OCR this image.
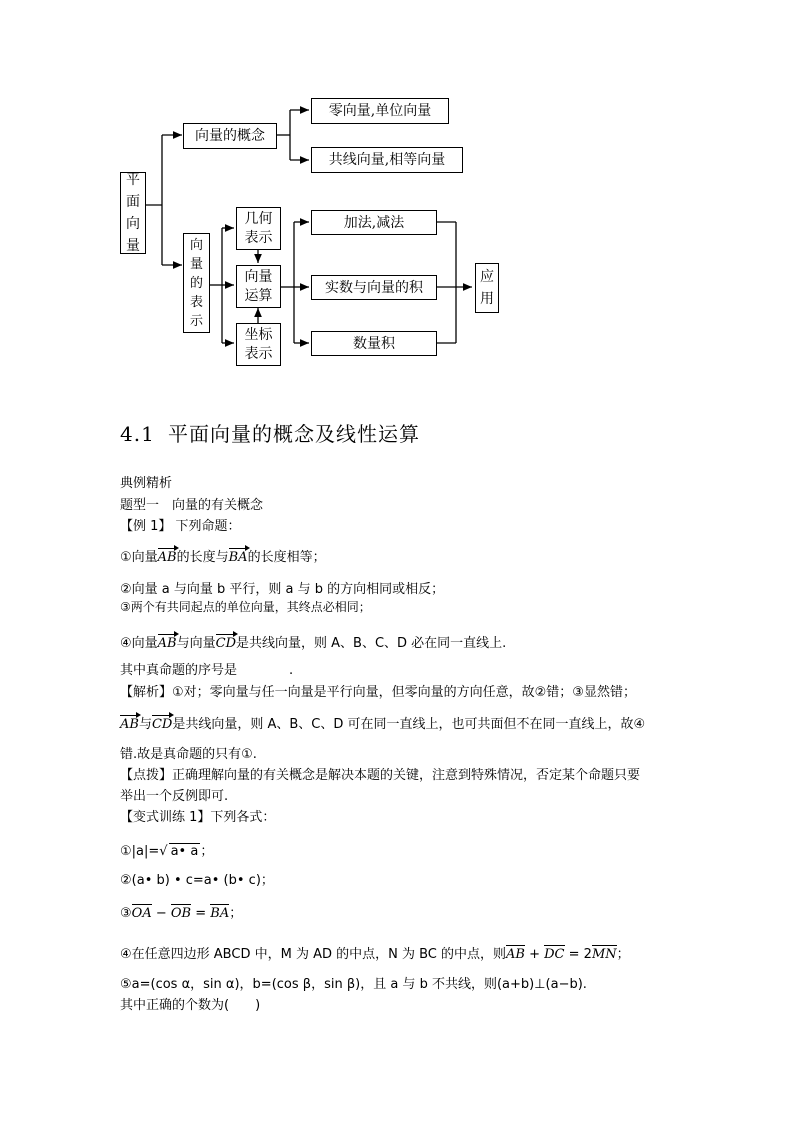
平
面
向
量
向量的概念
零向量,单位向量
共线向量,相等向量
向
量
的
表
示
几何
表示
向量
运算
坐标
表示
加法,减法
实数与向量的积
数量积
应
用
4.1 平面向量的概念及线性运算
典例精析
题型一　向量的有关概念
【例 1】 下列命题：
①向量AB的长度与BA的长度相等；
②向量 a 与向量 b 平行，则 a 与 b 的方向相同或相反；
③两个有共同起点的单位向量，其终点必相同；
④向量AB与向量CD是共线向量，则 A、B、C、D 必在同一直线上.
其中真命题的序号是　　　　.
【解析】①对；零向量与任一向量是平行向量，但零向量的方向任意，故②错；③显然错；
AB与CD是共线向量，则 A、B、C、D 可在同一直线上，也可共面但不在同一直线上，故④
错.故是真命题的只有①.
【点拨】正确理解向量的有关概念是解决本题的关键，注意到特殊情况，否定某个命题只要
举出一个反例即可.
【变式训练 1】下列各式：
①|a|=√ a• a ；
②(a• b) • c=a• (b• c)；
③OA − OB = BA；
④在任意四边形 ABCD 中，M 为 AD 的中点，N 为 BC 的中点，则AB + DC = 2MN；
⑤a=(cos α，sin α)，b=(cos β，sin β)，且 a 与 b 不共线，则(a+b)⊥(a−b).
其中正确的个数为(　　)
